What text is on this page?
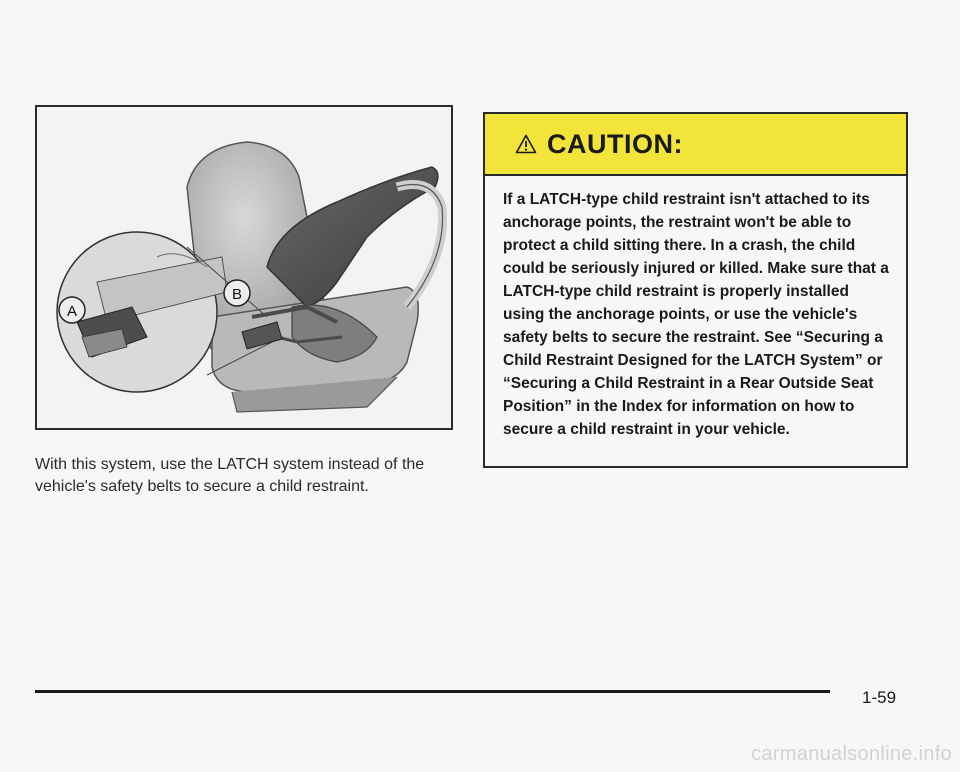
A
B
With this system, use the LATCH system instead of the vehicle's safety belts to secure a child restraint.
CAUTION:
If a LATCH-type child restraint isn't attached to its anchorage points, the restraint won't be able to protect a child sitting there. In a crash, the child could be seriously injured or killed. Make sure that a LATCH-type child restraint is properly installed using the anchorage points, or use the vehicle's safety belts to secure the restraint. See “Securing a Child Restraint Designed for the LATCH System” or “Securing a Child Restraint in a Rear Outside Seat Position” in the Index for information on how to secure a child restraint in your vehicle.
1-59
carmanualsonline.info
